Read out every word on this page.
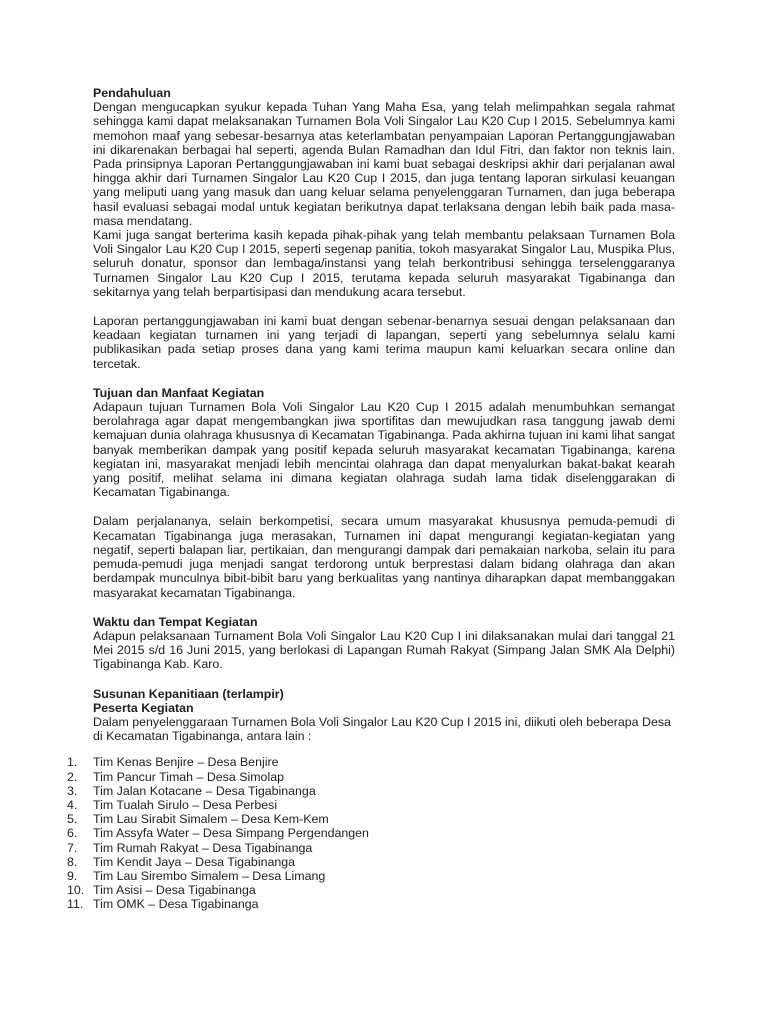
Pendahuluan

Dengan mengucapkan syukur kepada Tuhan Yang Maha Esa, yang telah melimpahkan segala rahmat sehingga kami dapat melaksanakan Turnamen Bola Voli Singalor Lau K20 Cup I 2015. Sebelumnya kami memohon maaf yang sebesar-besarnya atas keterlambatan penyampaian Laporan Pertanggungjawaban ini dikarenakan berbagai hal seperti, agenda Bulan Ramadhan dan Idul Fitri, dan faktor non teknis lain. Pada prinsipnya Laporan Pertanggungjawaban ini kami buat sebagai deskripsi akhir dari perjalanan awal hingga akhir dari Turnamen Singalor Lau K20 Cup I 2015, dan juga tentang laporan sirkulasi keuangan yang meliputi uang yang masuk dan uang keluar selama penyelenggaran Turnamen, dan juga beberapa hasil evaluasi sebagai modal untuk kegiatan berikutnya dapat terlaksana dengan lebih baik pada masa-masa mendatang.

Kami juga sangat berterima kasih kepada pihak-pihak yang telah membantu pelaksaan Turnamen Bola Voli Singalor Lau K20 Cup I 2015, seperti segenap panitia, tokoh masyarakat Singalor Lau, Muspika Plus, seluruh donatur, sponsor dan lembaga/instansi yang telah berkontribusi sehingga terselenggaranya Turnamen Singalor Lau K20 Cup I 2015, terutama kepada seluruh masyarakat Tigabinanga dan sekitarnya yang telah berpartisipasi dan mendukung acara tersebut.

Laporan pertanggungjawaban ini kami buat dengan sebenar-benarnya sesuai dengan pelaksanaan dan keadaan kegiatan turnamen ini yang terjadi di lapangan, seperti yang sebelumnya selalu kami publikasikan pada setiap proses dana yang kami terima maupun kami keluarkan secara online dan tercetak.

Tujuan dan Manfaat Kegiatan

Adapaun tujuan Turnamen Bola Voli Singalor Lau K20 Cup I 2015 adalah menumbuhkan semangat berolahraga agar dapat mengembangkan jiwa sportifitas dan mewujudkan rasa tanggung jawab demi kemajuan dunia olahraga khususnya di Kecamatan Tigabinanga. Pada akhirna tujuan ini kami lihat sangat banyak memberikan dampak yang positif kepada seluruh masyarakat kecamatan Tigabinanga, karena kegiatan ini, masyarakat menjadi lebih mencintai olahraga dan dapat menyalurkan bakat-bakat kearah yang positif, melihat selama ini dimana kegiatan olahraga sudah lama tidak diselenggarakan di Kecamatan Tigabinanga.

Dalam perjalananya, selain berkompetisi, secara umum masyarakat khususnya pemuda-pemudi di Kecamatan Tigabinanga juga merasakan, Turnamen ini dapat mengurangi kegiatan-kegiatan yang negatif, seperti balapan liar, pertikaian, dan mengurangi dampak dari pemakaian narkoba, selain itu para pemuda-pemudi juga menjadi sangat terdorong untuk berprestasi dalam bidang olahraga dan akan berdampak munculnya bibit-bibit baru yang berkualitas yang nantinya diharapkan dapat membanggakan masyarakat kecamatan Tigabinanga.

Waktu dan Tempat Kegiatan

Adapun pelaksanaan Turnament Bola Voli Singalor Lau K20 Cup I ini dilaksanakan mulai dari tanggal 21 Mei 2015 s/d 16 Juni 2015, yang berlokasi di Lapangan Rumah Rakyat (Simpang Jalan SMK Ala Delphi) Tigabinanga Kab. Karo.

Susunan Kepanitiaan (terlampir)

Peserta Kegiatan

Dalam penyelenggaraan Turnamen Bola Voli Singalor Lau K20 Cup I 2015 ini, diikuti oleh beberapa Desa di Kecamatan Tigabinanga, antara lain :

1.	Tim Kenas Benjire – Desa Benjire
2.	Tim Pancur Timah – Desa Simolap
3.	Tim Jalan Kotacane – Desa Tigabinanga
4.	Tim Tualah Sirulo – Desa Perbesi
5.	Tim Lau Sirabit Simalem – Desa Kem-Kem
6.	Tim Assyfa Water – Desa Simpang Pergendangen
7.	Tim Rumah Rakyat – Desa Tigabinanga
8.	Tim Kendit Jaya – Desa Tigabinanga
9.	Tim Lau Sirembo Simalem – Desa Limang
10. Tim Asisi – Desa Tigabinanga
11. Tim OMK – Desa Tigabinanga
